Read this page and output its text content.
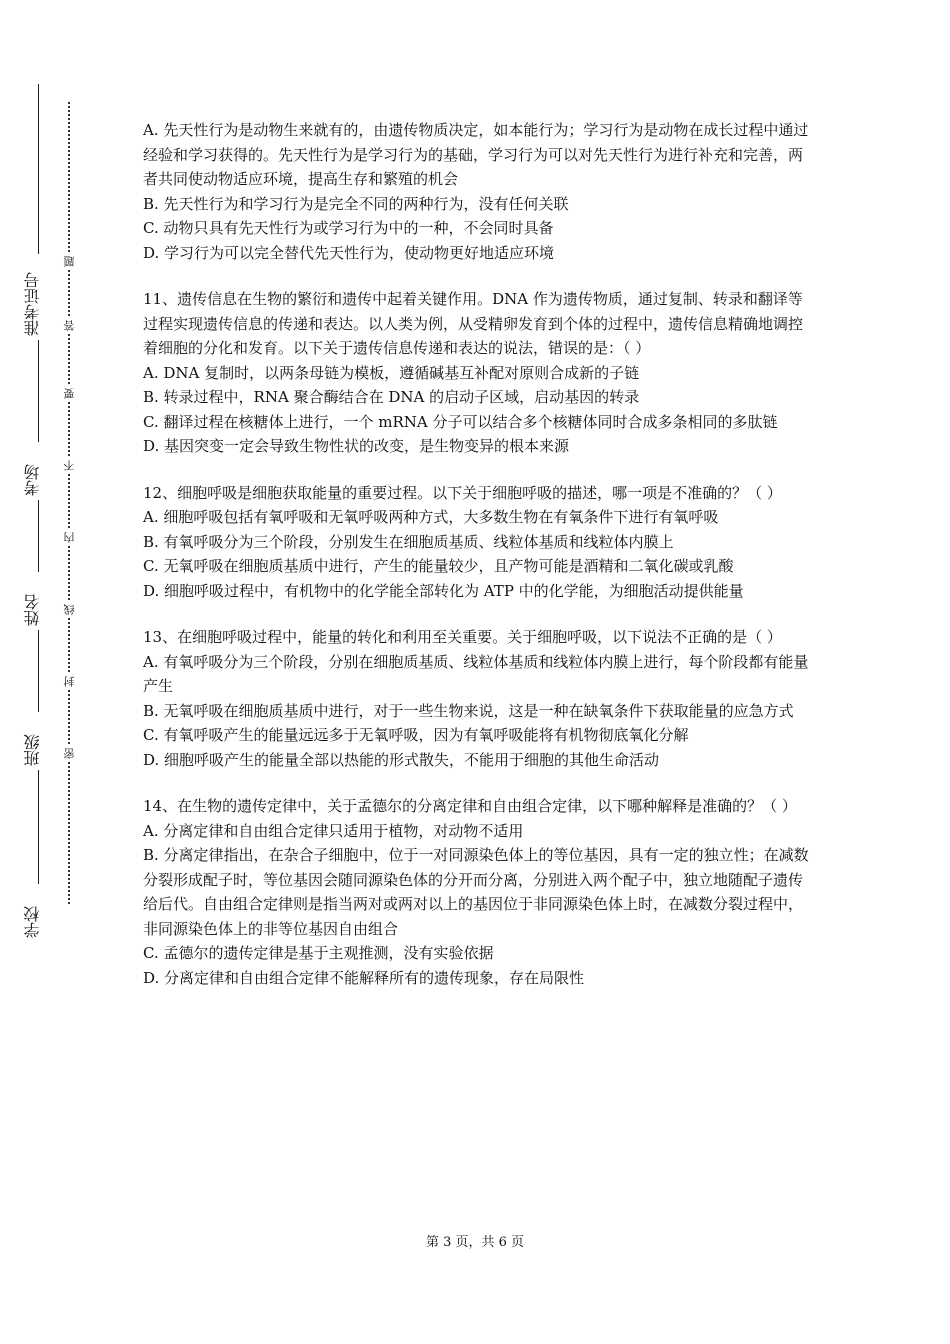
准考证号
考场
姓名
班级
学校
题
答
要
不
内
线
封
密

A. 先天性行为是动物生来就有的，由遗传物质决定，如本能行为；学习行为是动物在成长过程中通过经验和学习获得的。先天性行为是学习行为的基础，学习行为可以对先天性行为进行补充和完善，两者共同使动物适应环境，提高生存和繁殖的机会

B. 先天性行为和学习行为是完全不同的两种行为，没有任何关联

C. 动物只具有先天性行为或学习行为中的一种，不会同时具备

D. 学习行为可以完全替代先天性行为，使动物更好地适应环境

11、遗传信息在生物的繁衍和遗传中起着关键作用。DNA 作为遗传物质，通过复制、转录和翻译等过程实现遗传信息的传递和表达。以人类为例，从受精卵发育到个体的过程中，遗传信息精确地调控着细胞的分化和发育。以下关于遗传信息传递和表达的说法，错误的是：（ ）

A. DNA 复制时，以两条母链为模板，遵循碱基互补配对原则合成新的子链

B. 转录过程中，RNA 聚合酶结合在 DNA 的启动子区域，启动基因的转录

C. 翻译过程在核糖体上进行，一个 mRNA 分子可以结合多个核糖体同时合成多条相同的多肽链

D. 基因突变一定会导致生物性状的改变，是生物变异的根本来源

12、细胞呼吸是细胞获取能量的重要过程。以下关于细胞呼吸的描述，哪一项是不准确的？（ ）

A. 细胞呼吸包括有氧呼吸和无氧呼吸两种方式，大多数生物在有氧条件下进行有氧呼吸

B. 有氧呼吸分为三个阶段，分别发生在细胞质基质、线粒体基质和线粒体内膜上

C. 无氧呼吸在细胞质基质中进行，产生的能量较少，且产物可能是酒精和二氧化碳或乳酸

D. 细胞呼吸过程中，有机物中的化学能全部转化为 ATP 中的化学能，为细胞活动提供能量

13、在细胞呼吸过程中，能量的转化和利用至关重要。关于细胞呼吸，以下说法不正确的是（ ）

A. 有氧呼吸分为三个阶段，分别在细胞质基质、线粒体基质和线粒体内膜上进行，每个阶段都有能量产生

B. 无氧呼吸在细胞质基质中进行，对于一些生物来说，这是一种在缺氧条件下获取能量的应急方式

C. 有氧呼吸产生的能量远远多于无氧呼吸，因为有氧呼吸能将有机物彻底氧化分解

D. 细胞呼吸产生的能量全部以热能的形式散失，不能用于细胞的其他生命活动

14、在生物的遗传定律中，关于孟德尔的分离定律和自由组合定律，以下哪种解释是准确的？（ ）

A. 分离定律和自由组合定律只适用于植物，对动物不适用

B. 分离定律指出，在杂合子细胞中，位于一对同源染色体上的等位基因，具有一定的独立性；在减数分裂形成配子时，等位基因会随同源染色体的分开而分离，分别进入两个配子中，独立地随配子遗传给后代。自由组合定律则是指当两对或两对以上的基因位于非同源染色体上时，在减数分裂过程中，非同源染色体上的非等位基因自由组合

C. 孟德尔的遗传定律是基于主观推测，没有实验依据

D. 分离定律和自由组合定律不能解释所有的遗传现象，存在局限性

第 3 页，共 6 页
